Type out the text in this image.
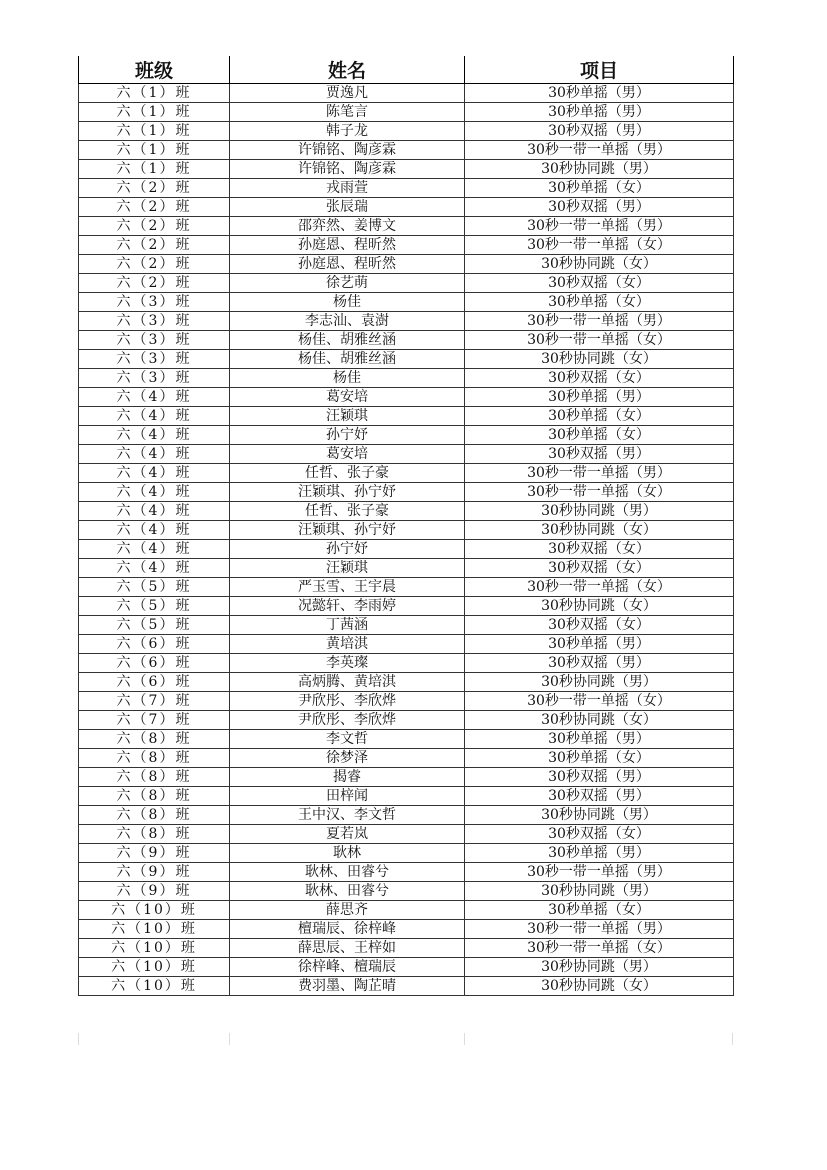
班级	姓名	项目
六（1）班	贾逸凡	30秒单摇（男）
六（1）班	陈笔言	30秒单摇（男）
六（1）班	韩子龙	30秒双摇（男）
六（1）班	许锦铭、陶彦霖	30秒一带一单摇（男）
六（1）班	许锦铭、陶彦霖	30秒协同跳（男）
六（2）班	戎雨萱	30秒单摇（女）
六（2）班	张辰瑞	30秒双摇（男）
六（2）班	邵弈然、姜博文	30秒一带一单摇（男）
六（2）班	孙庭恩、程昕然	30秒一带一单摇（女）
六（2）班	孙庭恩、程昕然	30秒协同跳（女）
六（2）班	徐艺萌	30秒双摇（女）
六（3）班	杨佳	30秒单摇（女）
六（3）班	李志汕、袁澍	30秒一带一单摇（男）
六（3）班	杨佳、胡雅丝涵	30秒一带一单摇（女）
六（3）班	杨佳、胡雅丝涵	30秒协同跳（女）
六（3）班	杨佳	30秒双摇（女）
六（4）班	葛安培	30秒单摇（男）
六（4）班	汪颖琪	30秒单摇（女）
六（4）班	孙宁妤	30秒单摇（女）
六（4）班	葛安培	30秒双摇（男）
六（4）班	任哲、张子豪	30秒一带一单摇（男）
六（4）班	汪颖琪、孙宁妤	30秒一带一单摇（女）
六（4）班	任哲、张子豪	30秒协同跳（男）
六（4）班	汪颖琪、孙宁妤	30秒协同跳（女）
六（4）班	孙宁妤	30秒双摇（女）
六（4）班	汪颖琪	30秒双摇（女）
六（5）班	严玉雪、王宇晨	30秒一带一单摇（女）
六（5）班	况懿轩、李雨婷	30秒协同跳（女）
六（5）班	丁茜涵	30秒双摇（女）
六（6）班	黄培淇	30秒单摇（男）
六（6）班	李英璨	30秒双摇（男）
六（6）班	高炳腾、黄培淇	30秒协同跳（男）
六（7）班	尹欣彤、李欣烨	30秒一带一单摇（女）
六（7）班	尹欣彤、李欣烨	30秒协同跳（女）
六（8）班	李文哲	30秒单摇（男）
六（8）班	徐梦泽	30秒单摇（女）
六（8）班	揭睿	30秒双摇（男）
六（8）班	田梓闻	30秒双摇（男）
六（8）班	王中汉、李文哲	30秒协同跳（男）
六（8）班	夏若岚	30秒双摇（女）
六（9）班	耿林	30秒单摇（男）
六（9）班	耿林、田睿兮	30秒一带一单摇（男）
六（9）班	耿林、田睿兮	30秒协同跳（男）
六（10）班	薛思齐	30秒单摇（女）
六（10）班	檀瑞辰、徐梓峰	30秒一带一单摇（男）
六（10）班	薛思辰、王梓如	30秒一带一单摇（女）
六（10）班	徐梓峰、檀瑞辰	30秒协同跳（男）
六（10）班	费羽墨、陶芷晴	30秒协同跳（女）
